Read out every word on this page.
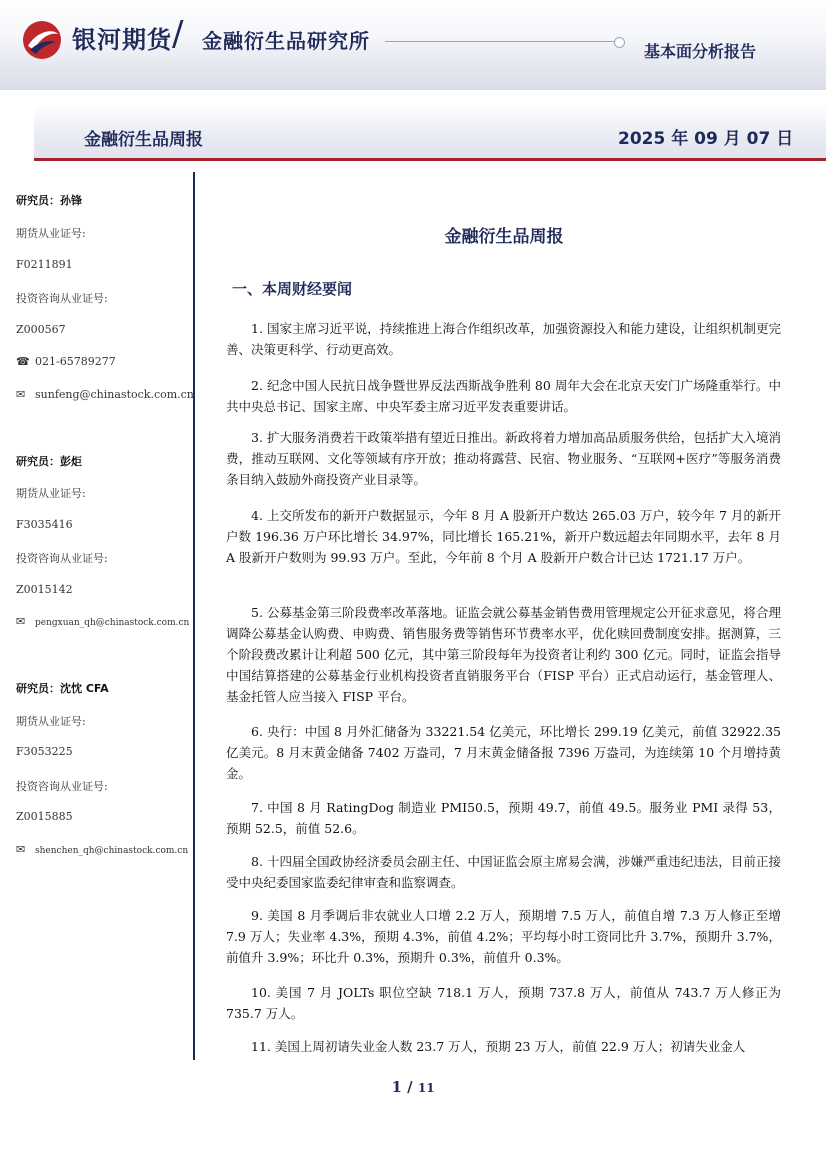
银河期货 / 金融衍生品研究所	基本面分析报告
金融衍生品周报	2025 年 09 月 07 日
研究员：孙锋
期货从业证号:
F0211891
投资咨询从业证号:
Z000567
☎ 021-65789277
✉ sunfeng@chinastock.com.cn
研究员：彭炬
期货从业证号:
F3035416
投资咨询从业证号:
Z0015142
✉ pengxuan_qh@chinastock.com.cn
研究员：沈忱 CFA
期货从业证号:
F3053225
投资咨询从业证号:
Z0015885
✉ shenchen_qh@chinastock.com.cn
金融衍生品周报
一、本周财经要闻

1. 国家主席习近平说，持续推进上海合作组织改革，加强资源投入和能力建设，让组织机制更完善、决策更科学、行动更高效。

2. 纪念中国人民抗日战争暨世界反法西斯战争胜利 80 周年大会在北京天安门广场隆重举行。中共中央总书记、国家主席、中央军委主席习近平发表重要讲话。

3. 扩大服务消费若干政策举措有望近日推出。新政将着力增加高品质服务供给，包括扩大入境消费，推动互联网、文化等领域有序开放；推动将露营、民宿、物业服务、“互联网+医疗”等服务消费条目纳入鼓励外商投资产业目录等。

4. 上交所发布的新开户数据显示，今年 8 月 A 股新开户数达 265.03 万户，较今年 7 月的新开户数 196.36 万户环比增长 34.97%，同比增长 165.21%，新开户数远超去年同期水平，去年 8 月 A 股新开户数则为 99.93 万户。至此，今年前 8 个月 A 股新开户数合计已达 1721.17 万户。

5. 公募基金第三阶段费率改革落地。证监会就公募基金销售费用管理规定公开征求意见，将合理调降公募基金认购费、申购费、销售服务费等销售环节费率水平，优化赎回费制度安排。据测算，三个阶段费改累计让利超 500 亿元，其中第三阶段每年为投资者让利约 300 亿元。同时，证监会指导中国结算搭建的公募基金行业机构投资者直销服务平台（FISP 平台）正式启动运行，基金管理人、基金托管人应当接入 FISP 平台。

6. 央行：中国 8 月外汇储备为 33221.54 亿美元，环比增长 299.19 亿美元，前值 32922.35 亿美元。8 月末黄金储备 7402 万盎司，7 月末黄金储备报 7396 万盎司，为连续第 10 个月增持黄金。

7. 中国 8 月 RatingDog 制造业 PMI50.5，预期 49.7，前值 49.5。服务业 PMI 录得 53，预期 52.5，前值 52.6。

8. 十四届全国政协经济委员会副主任、中国证监会原主席易会满，涉嫌严重违纪违法，目前正接受中央纪委国家监委纪律审查和监察调查。

9. 美国 8 月季调后非农就业人口增 2.2 万人，预期增 7.5 万人，前值自增 7.3 万人修正至增 7.9 万人；失业率 4.3%，预期 4.3%，前值 4.2%；平均每小时工资同比升 3.7%，预期升 3.7%，前值升 3.9%；环比升 0.3%，预期升 0.3%，前值升 0.3%。

10. 美国 7 月 JOLTs 职位空缺 718.1 万人，预期 737.8 万人，前值从 743.7 万人修正为 735.7 万人。

11. 美国上周初请失业金人数 23.7 万人，预期 23 万人，前值 22.9 万人；初请失业金人

1 / 11
